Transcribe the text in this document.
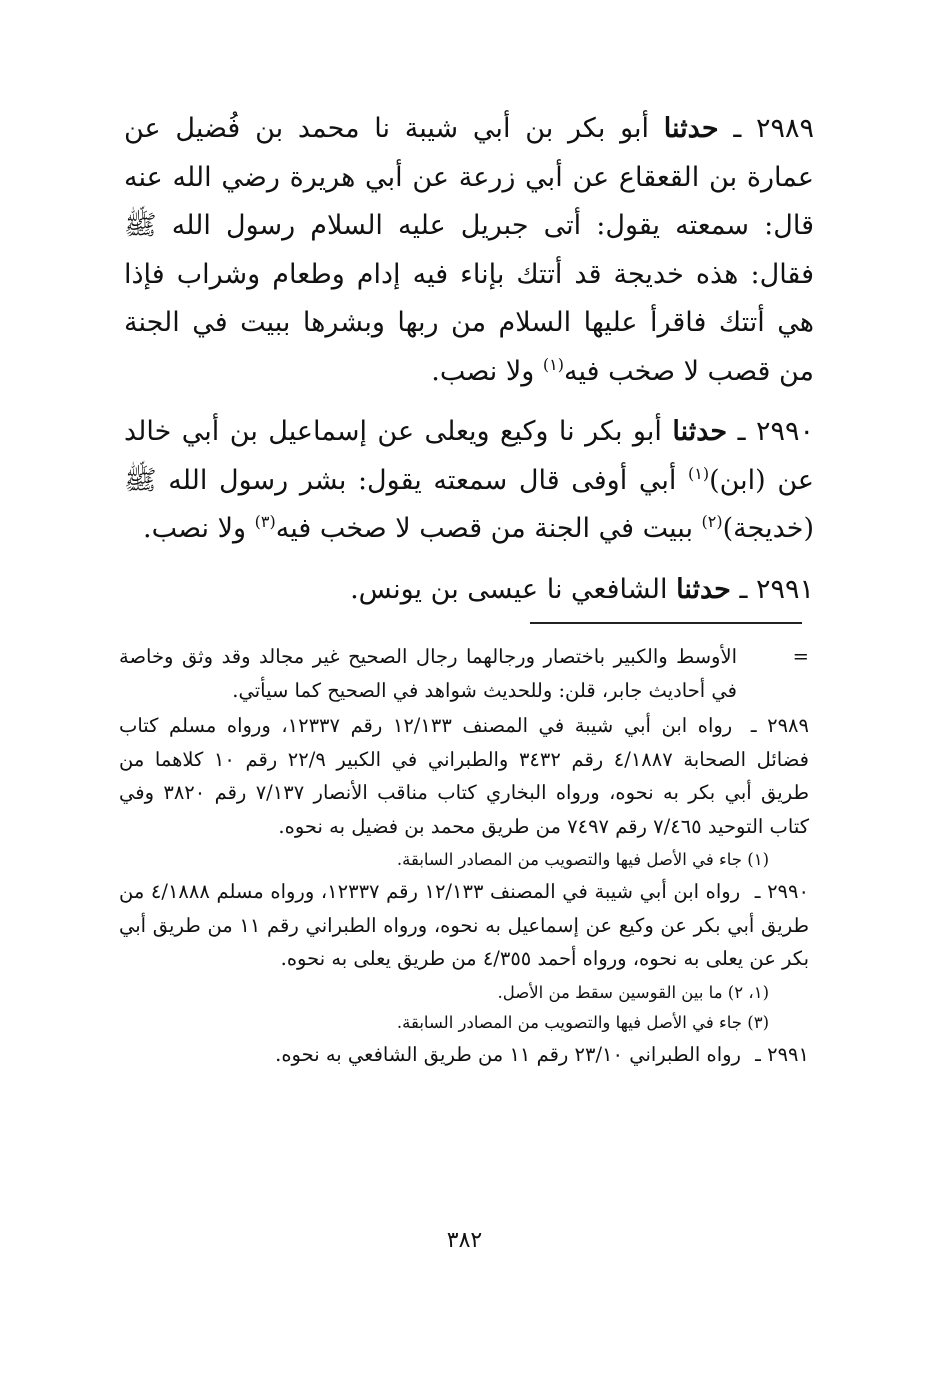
٢٩٨٩ ـ حدثنا أبو بكر بن أبي شيبة نا محمد بن فُضيل عن عمارة بن القعقاع عن أبي زرعة عن أبي هريرة رضي الله عنه قال: سمعته يقول: أتى جبريل عليه السلام رسول الله ﷺ فقال: هذه خديجة قد أتتك بإناء فيه إدام وطعام وشراب فإذا هي أتتك فاقرأ عليها السلام من ربها وبشرها ببيت في الجنة من قصب لا صخب فيه$^{(١)}$ ولا نصب.

٢٩٩٠ ـ حدثنا أبو بكر نا وكيع ويعلى عن إسماعيل بن أبي خالد عن (ابن)$^{(١)}$ أبي أوفى قال سمعته يقول: بشر رسول الله ﷺ (خديجة)$^{(٢)}$ ببيت في الجنة من قصب لا صخب فيه$^{(٣)}$ ولا نصب.

٢٩٩١ ـ حدثنا الشافعي نا عيسى بن يونس.

=
الأوسط والكبير باختصار ورجالهما رجال الصحيح غير مجالد وقد وثق وخاصة في أحاديث جابر، قلن: وللحديث شواهد في الصحيح كما سيأتي.

٢٩٨٩ ـ رواه ابن أبي شيبة في المصنف ١٢/١٣٣ رقم ١٢٣٣٧، ورواه مسلم كتاب فضائل الصحابة ٤/١٨٨٧ رقم ٣٤٣٢ والطبراني في الكبير ٢٢/٩ رقم ١٠ كلاهما من طريق أبي بكر به نحوه، ورواه البخاري كتاب مناقب الأنصار ٧/١٣٧ رقم ٣٨٢٠ وفي كتاب التوحيد ٧/٤٦٥ رقم ٧٤٩٧ من طريق محمد بن فضيل به نحوه.

(١) جاء في الأصل فيها والتصويب من المصادر السابقة.

٢٩٩٠ ـ رواه ابن أبي شيبة في المصنف ١٢/١٣٣ رقم ١٢٣٣٧، ورواه مسلم ٤/١٨٨٨ من طريق أبي بكر عن وكيع عن إسماعيل به نحوه، ورواه الطبراني رقم ١١ من طريق أبي بكر عن يعلى به نحوه، ورواه أحمد ٤/٣٥٥ من طريق يعلى به نحوه.

(١، ٢) ما بين القوسين سقط من الأصل.

(٣) جاء في الأصل فيها والتصويب من المصادر السابقة.

٢٩٩١ ـ رواه الطبراني ٢٣/١٠ رقم ١١ من طريق الشافعي به نحوه.

٣٨٢
